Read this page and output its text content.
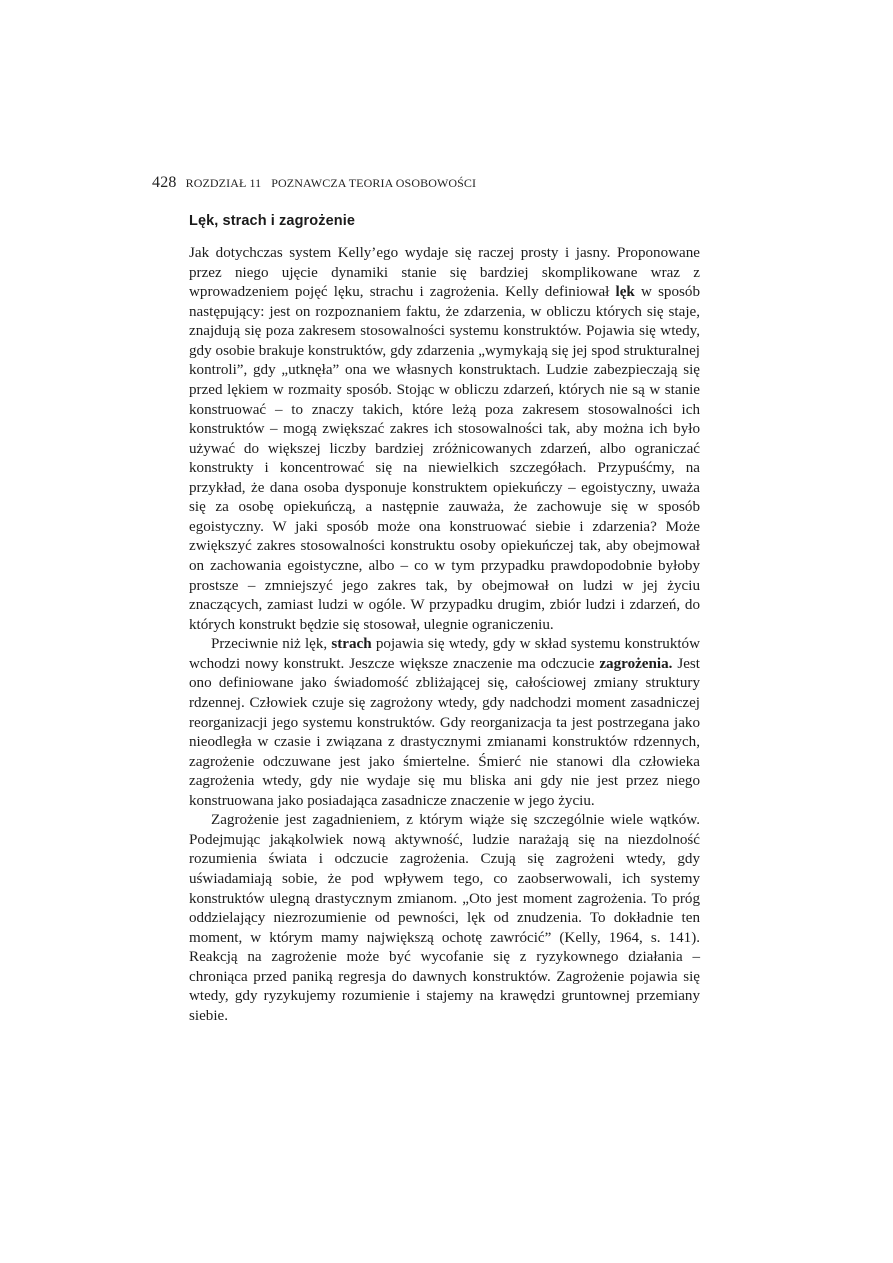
428 ROZDZIAŁ 11 POZNAWCZA TEORIA OSOBOWOŚCI
Lęk, strach i zagrożenie

Jak dotychczas system Kelly’ego wydaje się raczej prosty i jasny. Proponowane przez niego ujęcie dynamiki stanie się bardziej skomplikowane wraz z wprowadzeniem pojęć lęku, strachu i zagrożenia. Kelly definiował lęk w sposób następujący: jest on rozpoznaniem faktu, że zdarzenia, w obliczu których się staje, znajdują się poza zakresem stosowalności systemu konstruktów. Pojawia się wtedy, gdy osobie brakuje konstruktów, gdy zdarzenia „wymykają się jej spod strukturalnej kontroli”, gdy „utknęła” ona we własnych konstruktach. Ludzie zabezpieczają się przed lękiem w rozmaity sposób. Stojąc w obliczu zdarzeń, których nie są w stanie konstruować – to znaczy takich, które leżą poza zakresem stosowalności ich konstruktów – mogą zwiększać zakres ich stosowalności tak, aby można ich było używać do większej liczby bardziej zróżnicowanych zdarzeń, albo ograniczać konstrukty i koncentrować się na niewielkich szczegółach. Przypuśćmy, na przykład, że dana osoba dysponuje konstruktem opiekuńczy – egoistyczny, uważa się za osobę opiekuńczą, a następnie zauważa, że zachowuje się w sposób egoistyczny. W jaki sposób może ona konstruować siebie i zdarzenia? Może zwiększyć zakres stosowalności konstruktu osoby opiekuńczej tak, aby obejmował on zachowania egoistyczne, albo – co w tym przypadku prawdopodobnie byłoby prostsze – zmniejszyć jego zakres tak, by obejmował on ludzi w jej życiu znaczących, zamiast ludzi w ogóle. W przypadku drugim, zbiór ludzi i zdarzeń, do których konstrukt będzie się stosował, ulegnie ograniczeniu.

Przeciwnie niż lęk, strach pojawia się wtedy, gdy w skład systemu konstruktów wchodzi nowy konstrukt. Jeszcze większe znaczenie ma odczucie zagrożenia. Jest ono definiowane jako świadomość zbliżającej się, całościowej zmiany struktury rdzennej. Człowiek czuje się zagrożony wtedy, gdy nadchodzi moment zasadniczej reorganizacji jego systemu konstruktów. Gdy reorganizacja ta jest postrzegana jako nieodległa w czasie i związana z drastycznymi zmianami konstruktów rdzennych, zagrożenie odczuwane jest jako śmiertelne. Śmierć nie stanowi dla człowieka zagrożenia wtedy, gdy nie wydaje się mu bliska ani gdy nie jest przez niego konstruowana jako posiadająca zasadnicze znaczenie w jego życiu.

Zagrożenie jest zagadnieniem, z którym wiąże się szczególnie wiele wątków. Podejmując jakąkolwiek nową aktywność, ludzie narażają się na niezdolność rozumienia świata i odczucie zagrożenia. Czują się zagrożeni wtedy, gdy uświadamiają sobie, że pod wpływem tego, co zaobserwowali, ich systemy konstruktów ulegną drastycznym zmianom. „Oto jest moment zagrożenia. To próg oddzielający niezrozumienie od pewności, lęk od znudzenia. To dokładnie ten moment, w którym mamy największą ochotę zawrócić” (Kelly, 1964, s. 141). Reakcją na zagrożenie może być wycofanie się z ryzykownego działania – chroniąca przed paniką regresja do dawnych konstruktów. Zagrożenie pojawia się wtedy, gdy ryzykujemy rozumienie i stajemy na krawędzi gruntownej przemiany siebie.
